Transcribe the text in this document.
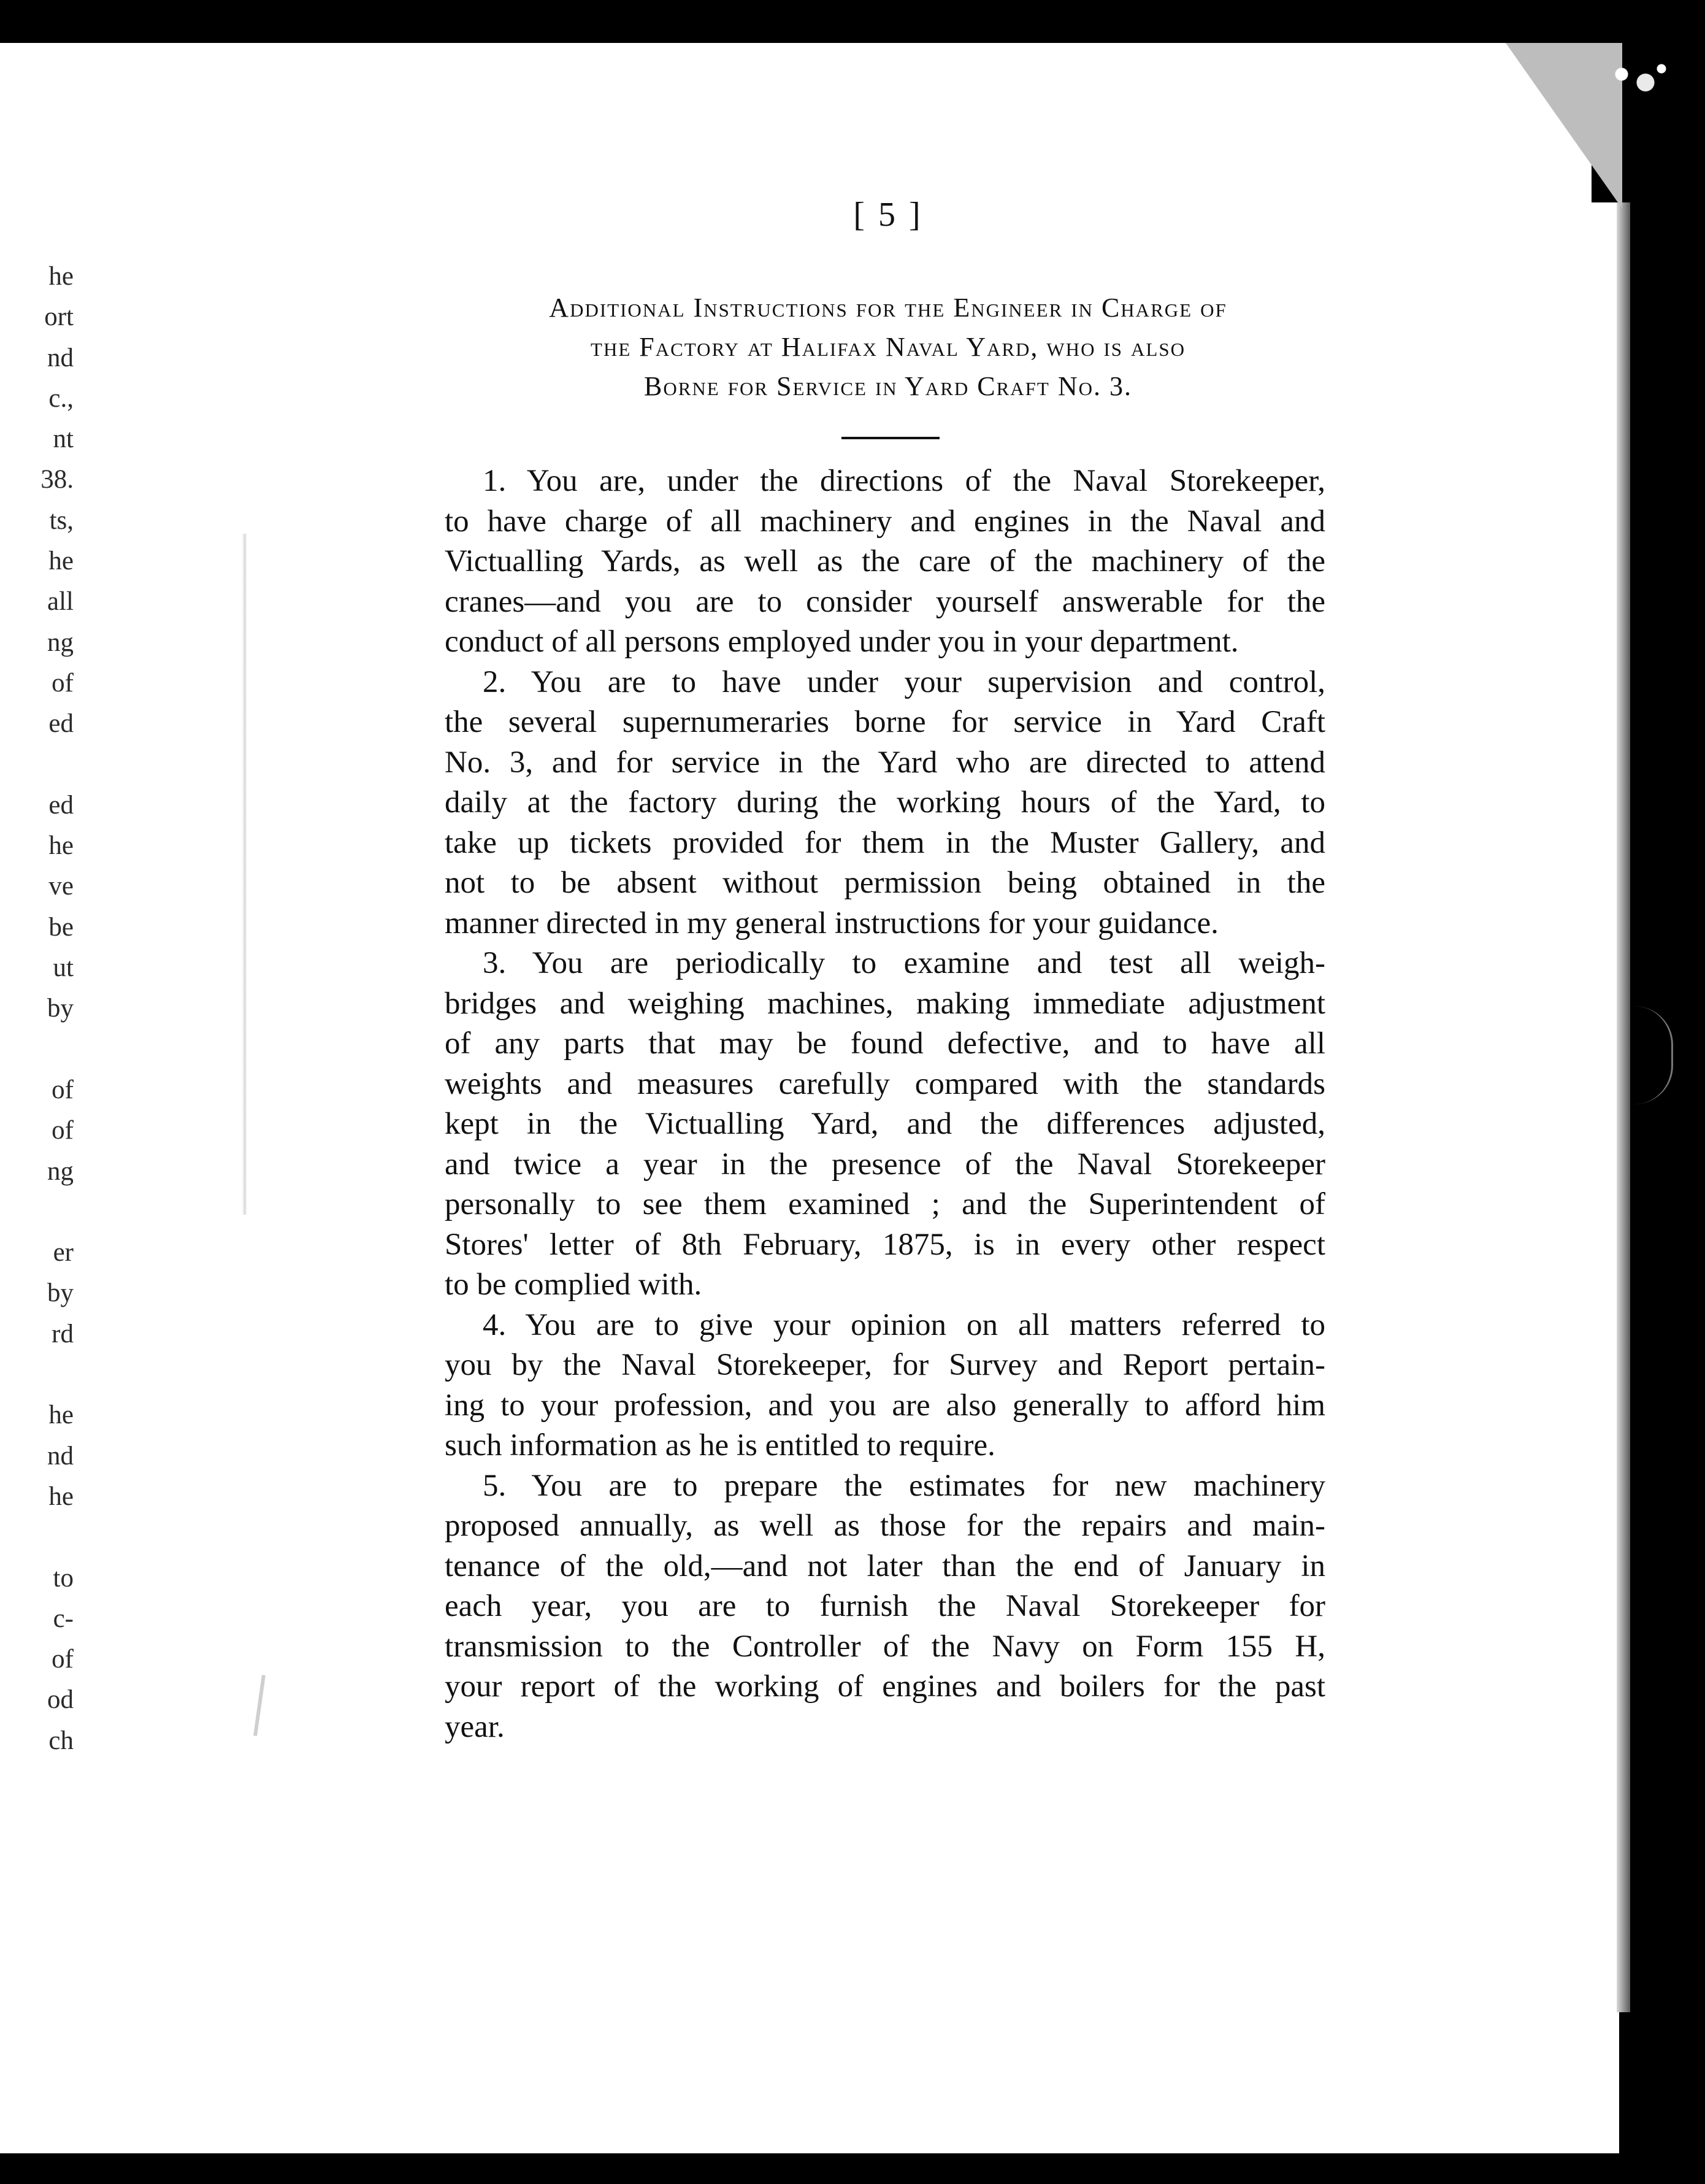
he
ort
nd
c.,
nt
38.
ts,
he
all
ng
of
ed
ed
he
ve
be
ut
by
of
of
ng
er
by
rd
he
nd
he
to
c-
of
od
ch
[ 5 ]
Additional Instructions for the Engineer in Charge of
the Factory at Halifax Naval Yard, who is also
Borne for Service in Yard Craft No. 3.
1. You are, under the directions of the Naval Storekeeper,
to have charge of all machinery and engines in the Naval and
Victualling Yards, as well as the care of the machinery of the
cranes—and you are to consider yourself answerable for the
conduct of all persons employed under you in your department.
2. You are to have under your supervision and control,
the several supernumeraries borne for service in Yard Craft
No. 3, and for service in the Yard who are directed to attend
daily at the factory during the working hours of the Yard, to
take up tickets provided for them in the Muster Gallery, and
not to be absent without permission being obtained in the
manner directed in my general instructions for your guidance.
3. You are periodically to examine and test all weigh-
bridges and weighing machines, making immediate adjustment
of any parts that may be found defective, and to have all
weights and measures carefully compared with the standards
kept in the Victualling Yard, and the differences adjusted,
and twice a year in the presence of the Naval Storekeeper
personally to see them examined ; and the Superintendent of
Stores' letter of 8th February, 1875, is in every other respect
to be complied with.
4. You are to give your opinion on all matters referred to
you by the Naval Storekeeper, for Survey and Report pertain-
ing to your profession, and you are also generally to afford him
such information as he is entitled to require.
5. You are to prepare the estimates for new machinery
proposed annually, as well as those for the repairs and main-
tenance of the old,—and not later than the end of January in
each year, you are to furnish the Naval Storekeeper for
transmission to the Controller of the Navy on Form 155 H,
your report of the working of engines and boilers for the past
year.
